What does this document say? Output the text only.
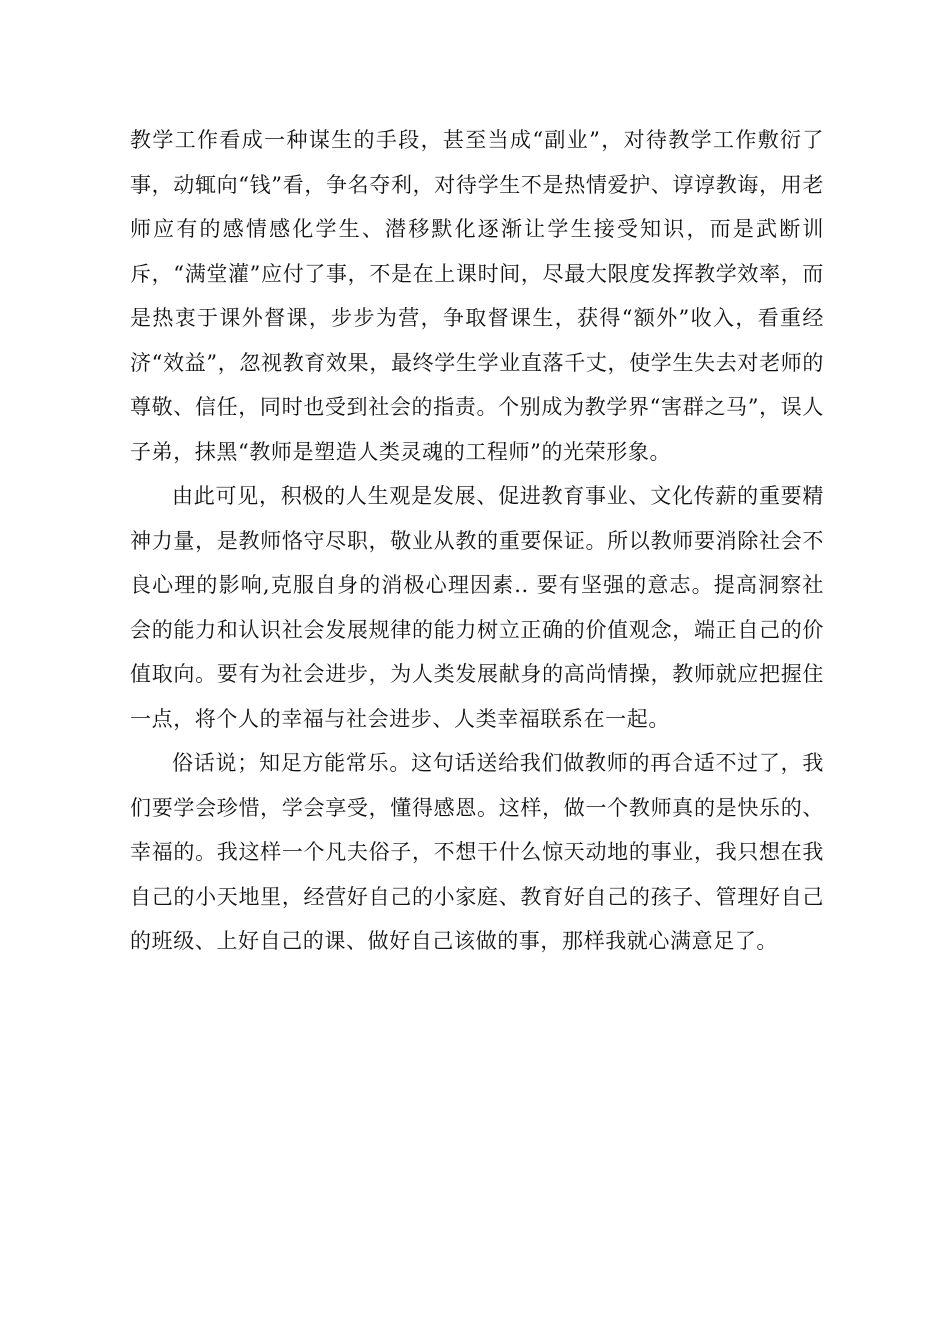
教学工作看成一种谋生的手段，甚至当成“副业”，对待教学工作敷衍了事，动辄向“钱”看，争名夺利，对待学生不是热情爱护、谆谆教诲，用老师应有的感情感化学生、潜移默化逐渐让学生接受知识，而是武断训斥，“满堂灌”应付了事，不是在上课时间，尽最大限度发挥教学效率，而是热衷于课外督课，步步为营，争取督课生，获得“额外”收入，看重经济“效益”，忽视教育效果，最终学生学业直落千丈，使学生失去对老师的尊敬、信任，同时也受到社会的指责。个别成为教学界“害群之马”，误人子弟，抹黑“教师是塑造人类灵魂的工程师”的光荣形象。

由此可见，积极的人生观是发展、促进教育事业、文化传薪的重要精神力量，是教师恪守尽职，敬业从教的重要保证。所以教师要消除社会不良心理的影响,克服自身的消极心理因素.. 要有坚强的意志。提高洞察社会的能力和认识社会发展规律的能力树立正确的价值观念，端正自己的价值取向。要有为社会进步，为人类发展献身的高尚情操，教师就应把握住一点，将个人的幸福与社会进步、人类幸福联系在一起。

俗话说；知足方能常乐。这句话送给我们做教师的再合适不过了，我们要学会珍惜，学会享受，懂得感恩。这样，做一个教师真的是快乐的、幸福的。我这样一个凡夫俗子，不想干什么惊天动地的事业，我只想在我自己的小天地里，经营好自己的小家庭、教育好自己的孩子、管理好自己的班级、上好自己的课、做好自己该做的事，那样我就心满意足了。
